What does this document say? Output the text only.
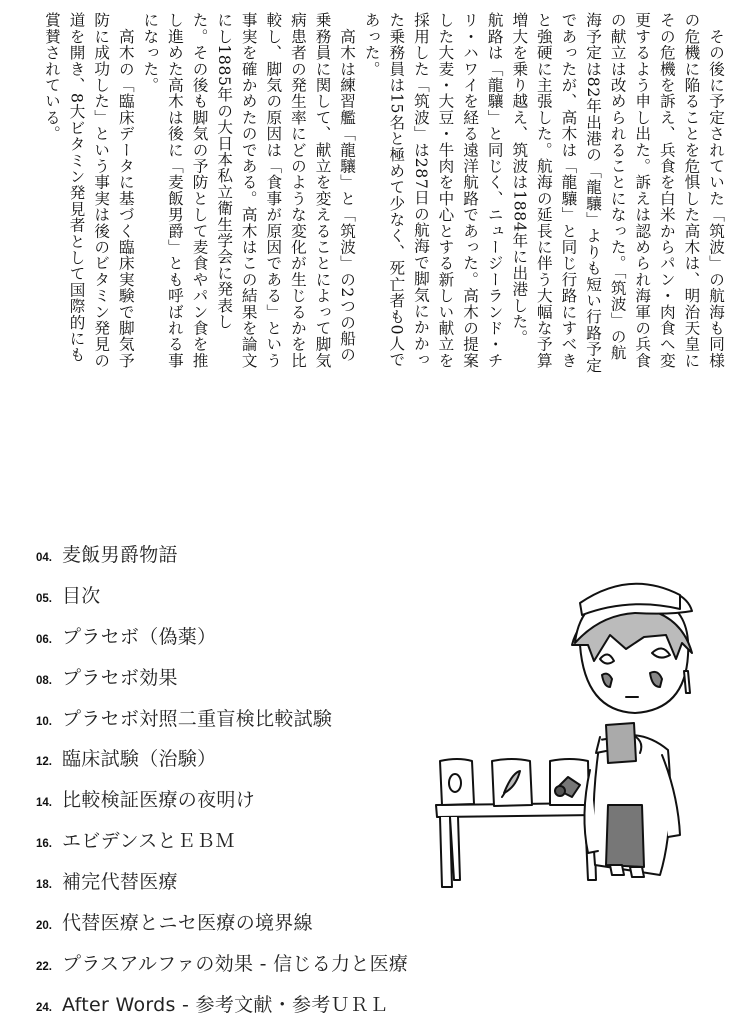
　その後に予定されていた「筑波」の航海も同様
の危機に陥ることを危惧した高木は、明治天皇に
その危機を訴え、兵食を白米からパン・肉食へ変
更するよう申し出た。訴えは認められ海軍の兵食
の献立は改められることになった。「筑波」の航
海予定は82年出港の「龍驤」よりも短い行路予定
であったが、高木は「龍驤」と同じ行路にすべき
と強硬に主張した。航海の延長に伴う大幅な予算
増大を乗り越え、筑波は1884年に出港した。
航路は「龍驤」と同じく、ニュージーランド・チ
リ・ハワイを経る遠洋航路であった。高木の提案
した大麦・大豆・牛肉を中心とする新しい献立を
採用した「筑波」は287日の航海で脚気にかかっ
た乗務員は15名と極めて少なく、死亡者も0人で
あった。

　高木は練習艦「龍驤」と「筑波」の2つの船の
乗務員に関して、献立を変えることによって脚気
病患者の発生率にどのような変化が生じるかを比
較し、脚気の原因は「食事が原因である」という
事実を確かめたのである。高木はこの結果を論文
にし1885年の大日本私立衛生学会に発表し
た。その後も脚気の予防として麦食やパン食を推
し進めた高木は後に「麦飯男爵」とも呼ばれる事
になった。

　高木の「臨床データに基づく臨床実験で脚気予
防に成功した」という事実は後のビタミン発見の
道を開き、8大ビタミン発見者として国際的にも
賞賛されている。

04. 麦飯男爵物語
05. 目次
06. プラセボ（偽薬）
08. プラセボ効果
10. プラセボ対照二重盲検比較試験
12. 臨床試験（治験）
14. 比較検証医療の夜明け
16. エビデンスとＥＢＭ
18. 補完代替医療
20. 代替医療とニセ医療の境界線
22. プラスアルファの効果 - 信じる力と医療
24. After Words - 参考文献・参考ＵＲＬ
